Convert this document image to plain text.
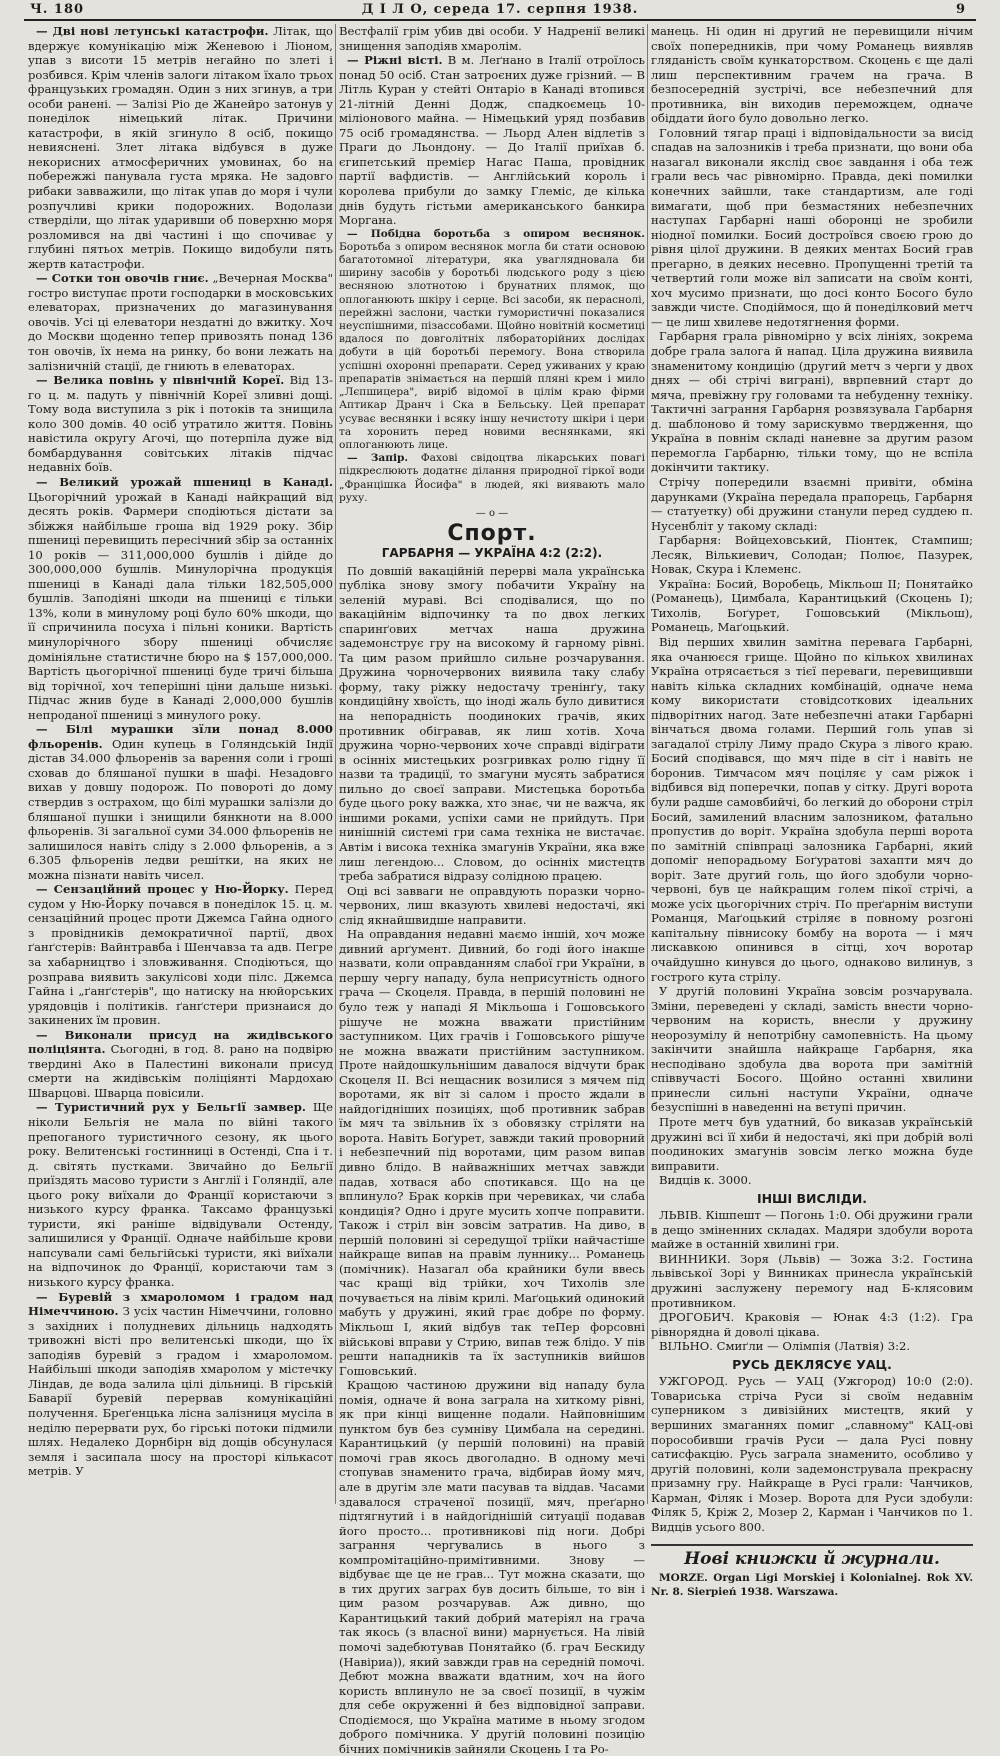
Ч. 180	Д І Л О, середа 17. серпня 1938.	9

— Дві нові летунські катастрофи. Літак, що вдержує комунікацію між Женевою і Ліоном, упав з висоти 15 метрів негайно по злеті і розбився. Крім членів залоги літаком їхало трьох французьких громадян. Один з них згинув, а три особи ранені. — Залізі Ріо де Жанейро затонув у понеділок німецький літак. Причини катастрофи, в якій згинуло 8 осіб, покищо невияснені. Злет літака відбувся в дуже некорисних атмосферичних умовинах, бо на побережжі панувала густа мряка. Не задовго рибаки завважили, що літак упав до моря і чули розпучливі крики подорожних. Водолази стверділи, що літак ударивши об поверхню моря розломився на дві частині і що спочиває у глубині пятьох метрів. Покищо видобули пять жертв катастрофи.

— Сотки тон овочів гниє. „Вечерная Москва" гостро виступає проти господарки в московських елеваторах, призначених до магазинування овочів. Усі ці елеватори нездатні до вжитку. Хоч до Москви щоденно тепер привозять понад 136 тон овочів, їх нема на ринку, бо вони лежать на залізничній стації, де гниють в елеваторах.

— Велика повінь у північній Кореї. Від 13-го ц. м. падуть у північній Кореї зливні дощі. Тому вода виступила з рік і потоків та знищила коло 300 домів. 40 осіб утратило життя. Повінь навістила округу Агочі, що потерпіла дуже від бомбардування совітських літаків підчас недавніх боїв.

— Великий урожай пшениці в Канаді. Цьогорічний урожай в Канаді найкращий від десять років. Фармери сподіються дістати за збіжжя найбільше гроша від 1929 року. Збір пшениці перевищить пересічний збір за останніх 10 років — 311,000,000 бушлів і дійде до 300,000,000 бушлів. Минулорічна продукція пшениці в Канаді дала тільки 182,505,000 бушлів. Заподіяні шкоди на пшениці є тільки 13%, коли в минулому році було 60% шкоди, що її спричинила посуха і пільні коники. Вартість минулорічного збору пшениці обчисляє домініяльне статистичне бюро на $ 157,000,000. Вартість цьогорічної пшениці буде тричі більша від торічної, хоч теперішні ціни дальше низькі. Підчас жнив буде в Канаді 2,000,000 бушлів непроданої пшениці з минулого року.

— Білі мурашки зїли понад 8.000 фльоренів. Один купець в Голяндській Індії дістав 34.000 фльоренів за варення соли і гроші сховав до бляшаної пушки в шафі. Незадовго вихав у довшу подорож. По повороті до дому ствердив з острахом, що білі мурашки залізли до бляшаної пушки і знищили бянкноти на 8.000 фльоренів. Зі загальної суми 34.000 фльоренів не залишилося навіть сліду з 2.000 фльоренів, а з 6.305 фльоренів ледви решітки, на яких не можна пізнати навіть чисел.

— Сензаційний процес у Ню-Йорку. Перед судом у Ню-Йорку почався в понеділок 15. ц. м. сензаційний процес проти Джемса Гайна одного з провідників демократичної партії, двох ґанґстерів: Вайнтравба і Шенчавза та адв. Пегре за хабарництво і зловживання. Сподіються, що розправа виявить закулісові ходи пілс. Джемса Гайна і „ґанґстерів", що натиску на нюйорських урядовців і політиків. ґанґстери признаися до закинених їм провин.

— Виконали присуд на жидівського поліціянта. Сьогодні, в год. 8. рано на подвірю твердині Ако в Палестині виконали присуд смерти на жидівськім поліціянті Мардохаю Шварцові. Шварца повісили.

— Туристичний рух у Бельгії замвер. Ще ніколи Бельгія не мала по війні такого препоганого туристичного сезону, як цього року. Велитенські гостинниці в Остенді, Спа і т. д. світять пустками. Звичайно до Бельгії приїздять масово туристи з Англії і Голяндії, але цього року виїхали до Франції користаючи з низького курсу франка. Таксамо французькі туристи, які раніше відвідували Остенду, залишилися у Франції. Одначе найбільше крови напсували самі бельгійські туристи, які виїхали на відпочинок до Франції, користаючи там з низького курсу франка.

— Буревій з хмароломом і градом над Німеччиною. З усіх частин Німеччини, головно з західних і полудневих дільниць надходять тривожні вісті про велитенські шкоди, що їх заподіяв буревій з градом і хмароломом. Найбільші шкоди заподіяв хмаролом у містечку Ліндав, де вода залила цілі дільниці. В гірській Баварії буревій перервав комунікаційні получення. Бреґенцька лісна залізниця мусіла в неділю перервати рух, бо гірські потоки підмили шлях. Недалеко Дорнбірн від дощів обсунулася земля і засипала шосу на просторі кількасот метрів. У

Вестфалії грім убив дві особи. У Надренії великі знищення заподіяв хмаролім.

— Ріжні вісті. В м. Леґнано в Італії отроїлось понад 50 осіб. Стан затроєних дуже грізний. — В Літль Куран у стейті Онтаріо в Канаді втопився 21-літній Денні Додж, спадкоємець 10-міліонового майна. — Німецький уряд позбавив 75 осіб громадянства. — Льорд Ален відлетів з Праги до Льондону. — До Італії приїхав б. єгипетський премієр Нагас Паша, провідник партії вафдистів. — Англійський король і королева прибули до замку Глеміс, де кілька днів будуть гістьми американського банкира Моргана.

— Побідна боротьба з опиром веснянок. Боротьба з опиром веснянок могла би стати основою багатотомної літератури, яка уваглядновала би ширину засобів у боротьбі людського роду з цією весняною злотнотою і брунатних плямок, що оплоганюють шкіру і серце. Всі засоби, як пераснолі, перейжні заслони, частки гумористичні показалися неуспішними, пізассобами. Щойно новітній косметиці вдалося по довголітніх лябораторійних дослідах добути в цій боротьбі перемогу. Вона створила успішні охоронні препарати. Серед уживаних у краю препаратів знімається на першій пляні крем і мило „Лєпшицера", виріб відомої в цілім краю фірми Аптикар Дранч і Ска в Бельську. Цей препарат усуває веснянки і всяку іншу нечистоту шкіри і цери та хоронить перед новими веснянками, які оплоганюють лице.

— Запір. Фахові свідоцтва лікарських повагі підкреслюють додатнє ділання природної гіркої води „Францішка Йосифа" в людей, які виявають мало руху.

— o —
Спорт.
ГАРБАРНЯ — УКРАЇНА 4:2 (2:2).

По довшій вакаційній перерві мала українська публіка знову змогу побачити Україну на зеленій мураві. Всі сподівалися, що по вакаційнім відпочинку та по двох легких спаринґових метчах наша дружина задемонструє гру на високому й гарному рівні. Та цим разом прийшло сильне розчарування. Дружина чорночервоних виявила таку слабу форму, таку ріжку недостачу тренінґу, таку кондиційну хвоїсть, що іноді жаль було дивитися на непорадність поодиноких грачів, яких противник обігравав, як лиш хотів. Хоча дружина чорно-червоних хоче справді відіграти в осінніх мистецьких розгривках ролю гідну її назви та традиції, то змагуни мусять забратися пильно до своєї заправи. Мистецька боротьба буде цього року важка, хто знає, чи не важча, як іншими роками, успіхи сами не прийдуть. При нинішній системі гри сама техніка не вистачає. Автім і висока техніка змагунів України, яка вже лиш легендою... Словом, до осінніх мистецтв треба забратися відразу солідною працею.

Оці всі завваги не оправдують поразки чорно-червоних, лиш вказують хвилеві недостачі, які слід якнайшвидше направити.

На оправдання недавні маємо іншій, хоч може дивний арґумент. Дивний, бо годі його інакше назвати, коли оправданням слабої гри України, в першу чергу нападу, була неприсутність одного грача — Скоцеля. Правда, в першій половині не було теж у нападі Я Мікльоша і Гошовського рішуче не можна вважати пристійним заступником. Цих грачів і Гошовського рішуче не можна вважати пристійним заступником. Проте найдошкульнішим давалося відчути брак Скоцеля II. Всі нещасник возилися з мячем під воротами, як віт зі салом і просто ждали в найдогідніших позиціях, щоб противник забрав їм мяч та звільнив їх з обовязку стріляти на ворота. Навіть Боґурет, завжди такий проворний і небезпечний під воротами, цим разом випав дивно блідо. В найважніших метчах завжди падав, хотвася або спотикався. Що на це вплинуло? Брак корків при черевиках, чи слаба кондиція? Одно і друге мусить хопче поправити. Також і стріл він зовсім затратив. На диво, в першій половині зі середущої тріїки найчастіше найкраще випав на правім луннику... Романець (помічник). Назагал оба крайники були ввесь час кращі від трійки, хоч Тихолів зле почувається на лівім крилі. Маґоцький одинокий мабуть у дружині, який грає добре по форму. Мікльош І, який відбув так теПер форсовні військові вправи у Стрию, випав теж блідо. У пів решти нападників та їх заступників вийшов Гошовський.

Кращою частиною дружини від нападу була помія, одначе й вона заграла на хиткому рівні, як при кінці вищенне подали. Найповнішим пунктом був без сумніву Цимбала на середині. Карантицький (у першій половині) на правій помочі грав якось двоголадно. В одному мечі стопував знаменито грача, відбирав йому мяч, але в другім зле мати пасував та віддав. Часами здавалося страченої позиції, мяч, преґарно підтягнутий і в найдогіднішій ситуації подавав його просто... противникові під ноги. Добрі заграння чергувались в нього з компромітаційно-примітивними. Знову — відбуває ще це не грав... Тут можна сказати, що в тих других заграх був досить більше, то він і цим разом розчарував. Аж дивно, що Карантицький такий добрий матеріял на грача так якось (з власної вини) марнується. На лівій помочі задебютував Понятайко (б. грач Бескиду (Навіриа)), який завжди грав на середній помочі. Дебют можна вважати вдатним, хоч на його користь вплинуло не за своєї позиції, в чужім для себе окруженні й без відповідної заправи. Сподіємося, що Україна матиме в ньому згодом доброго помічника. У другій половині позицію бічних помічників зайняли Скоцень I та Ро-

манець. Ні один ні другий не перевищили нічим своїх попередників, при чому Романець виявляв гляданість своїм кункаторством. Скоцень є ще далі лиш перспективним грачем на грача. В безпосередній зустрічі, все небезпечний для противника, він виходив переможцем, одначе обіддати його було довольно легко.

Головний тягар праці і відповідальности за висід спадав на залозників і треба признати, що вони оба назагал виконали якслід своє завдання і оба теж грали весь час рівномірно. Правда, декі помилки конечних зайшли, таке стандартизм, але годі вимагати, щоб при безмастяних небезпечних наступах Гарбарні наші оборонці не зробили ніодної помилки. Босий достроївся своєю грою до рівня цілої дружини. В деяких ментах Босий грав прегарно, в деяких несевно. Пропущенні третій та четвертий голи може віл записати на своїм конті, хоч мусимо признати, що досі конто Босого було завжди чисте. Сподіймося, що й понеділковий метч — це лиш хвилеве недотягнення форми.

Гарбарня грала рівномірно у всіх лініях, зокрема добре грала залога й напад. Ціла дружина виявила знаменитому кондицію (другий метч з черги у двох днях — обі стрічі виграні), вврпевний старт до мяча, превіжну гру головами та небуденну техніку. Тактичні заграння Гарбарня розвязувала Гарбарня д. шаблоново й тому зарискувмо твердження, що Україна в повнім складі наневне за другим разом перемогла Гарбарню, тільки тому, що не вспіла докінчити тактику.

Стрічу попередили взаємні привіти, обміна дарунками (Україна передала прапорець, Гарбарня — статуетку) обі дружини станули перед суддею п. Нусенбліт у такому складі:

Гарбарня: Войцеховський, Піонтек, Стампиш; Лесяк, Вількиевич, Солодан; Полює, Пазурек, Новак, Скура і Клеменс.

Україна: Босий, Воробець, Мікльош II; Понятайко (Романець), Цимбала, Карантицький (Скоцень I); Тихолів, Боґурет, Гошовський (Мікльош), Романець, Маґоцький.

Від перших хвилин замітна перевага Гарбарні, яка очанюєся грище. Щойно по кількох хвилинах Україна отрясається з тієї переваги, перевищивши навіть кілька складних комбінацій, одначе нема кому використати стовідсоткових ідеальних підворітних нагод. Зате небезпечні атаки Гарбарні вінчаться двома голами. Перший голь упав зі загадалої стрілу Лиму прадо Скура з лівого краю. Босий сподівався, що мяч піде в сіт і навіть не боронив. Тимчасом мяч поціляє у сам ріжок і відбився від поперечки, попав у сітку. Другі ворота були радше самовбийчі, бо легкий до оборони стріл Босий, замилений власним залозником, фатально пропустив до воріт. Україна здобула перші ворота по замітній співпраці залозника Гарбарні, який допоміг непорадьому Боґуратові захапти мяч до воріт. Зате другий голь, що його здобули чорно-червоні, був це найкращим голем пікої стрічі, а може усіх цьогорічних стріч. По преґарнім виступи Романця, Маґоцький стріляє в повному розгоні капітальну півнисоку бомбу на ворота — і мяч лискавкою опинився в сітці, хоч воротар очайдушно кинувся до цього, однаково вилинув, з гострого кута стрілу.

У другій половині Україна зовсім розчарувала. Зміни, переведені у складі, замість внести чорно-червоним на користь, внесли у дружину неорозумілу й непотрібну самопевність. На цьому закінчити знайшла найкраще Гарбарня, яка несподівано здобула два ворота при замітній співвучасті Босого. Щойно останні хвилини принесли сильні наступи України, одначе безуспішні в наведенні на вєтупі причин.

Проте метч був удатний, бо виказав українській дружині всі її хиби й недостачі, які при добрій волі поодиноких змагунів зовсім легко можна буде виправити.

Видців к. 3000.

ІНШІ ВИСЛІДИ.

ЛЬВІВ. Кішпешт — Погонь 1:0. Обі дружини грали в дещо зміненних складах. Мадяри здобули ворота майже в останній хвилині гри.

ВИННИКИ. Зоря (Львів) — Зожа 3:2. Гостина львівської Зорі у Винниках принесла українській дружині заслужену перемогу над Б-клясовим противником.

ДРОГОБИЧ. Краковія — Юнак 4:3 (1:2). Гра рівнорядна й доволі цікава.

ВІЛЬНО. Смиґли — Олімпія (Латвія) 3:2.

РУСЬ ДЕКЛЯСУЄ УАЦ.

УЖГОРОД. Русь — УАЦ (Ужгород) 10:0 (2:0). Товариська стріча Руси зі своїм недавнім суперником з дивізійних мистецтв, який у вершиних змаганнях помиг „славному" КАЦ-ові порособивши грачів Руси — дала Русі повну сатисфакцію. Русь заграла знаменито, особливо у другій половині, коли задемонструвала прекрасну призамну гру. Найкраще в Русі грали: Чанчиков, Карман, Філяк і Мозер. Ворота для Руси здобули: Філяк 5, Кріж 2, Мозер 2, Карман і Чанчиков по 1. Видців усього 800.

Нові книжки й журнали.

MORZE. Organ Ligi Morskiej i Kolonialnej. Rok XV. Nr. 8. Sierpień 1938. Warszawa.
